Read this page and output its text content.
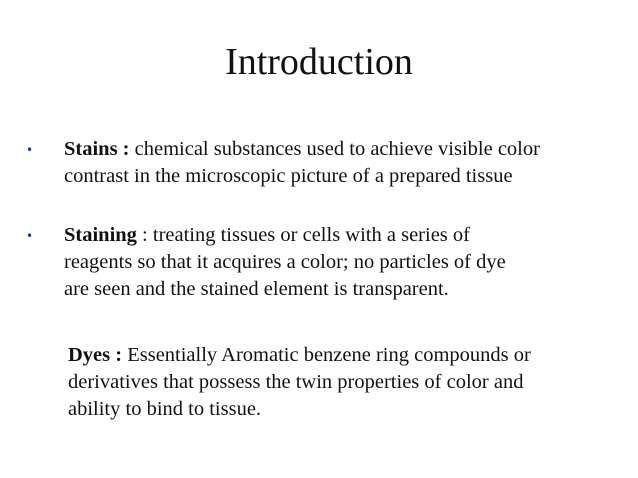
Introduction
• Stains : chemical substances used to achieve visible color
contrast in the microscopic picture of a prepared tissue
• Staining : treating tissues or cells with a series of
reagents so that it acquires a color; no particles of dye
are seen and the stained element is transparent.
Dyes : Essentially Aromatic benzene ring compounds or
derivatives that possess the twin properties of color and
ability to bind to tissue.
